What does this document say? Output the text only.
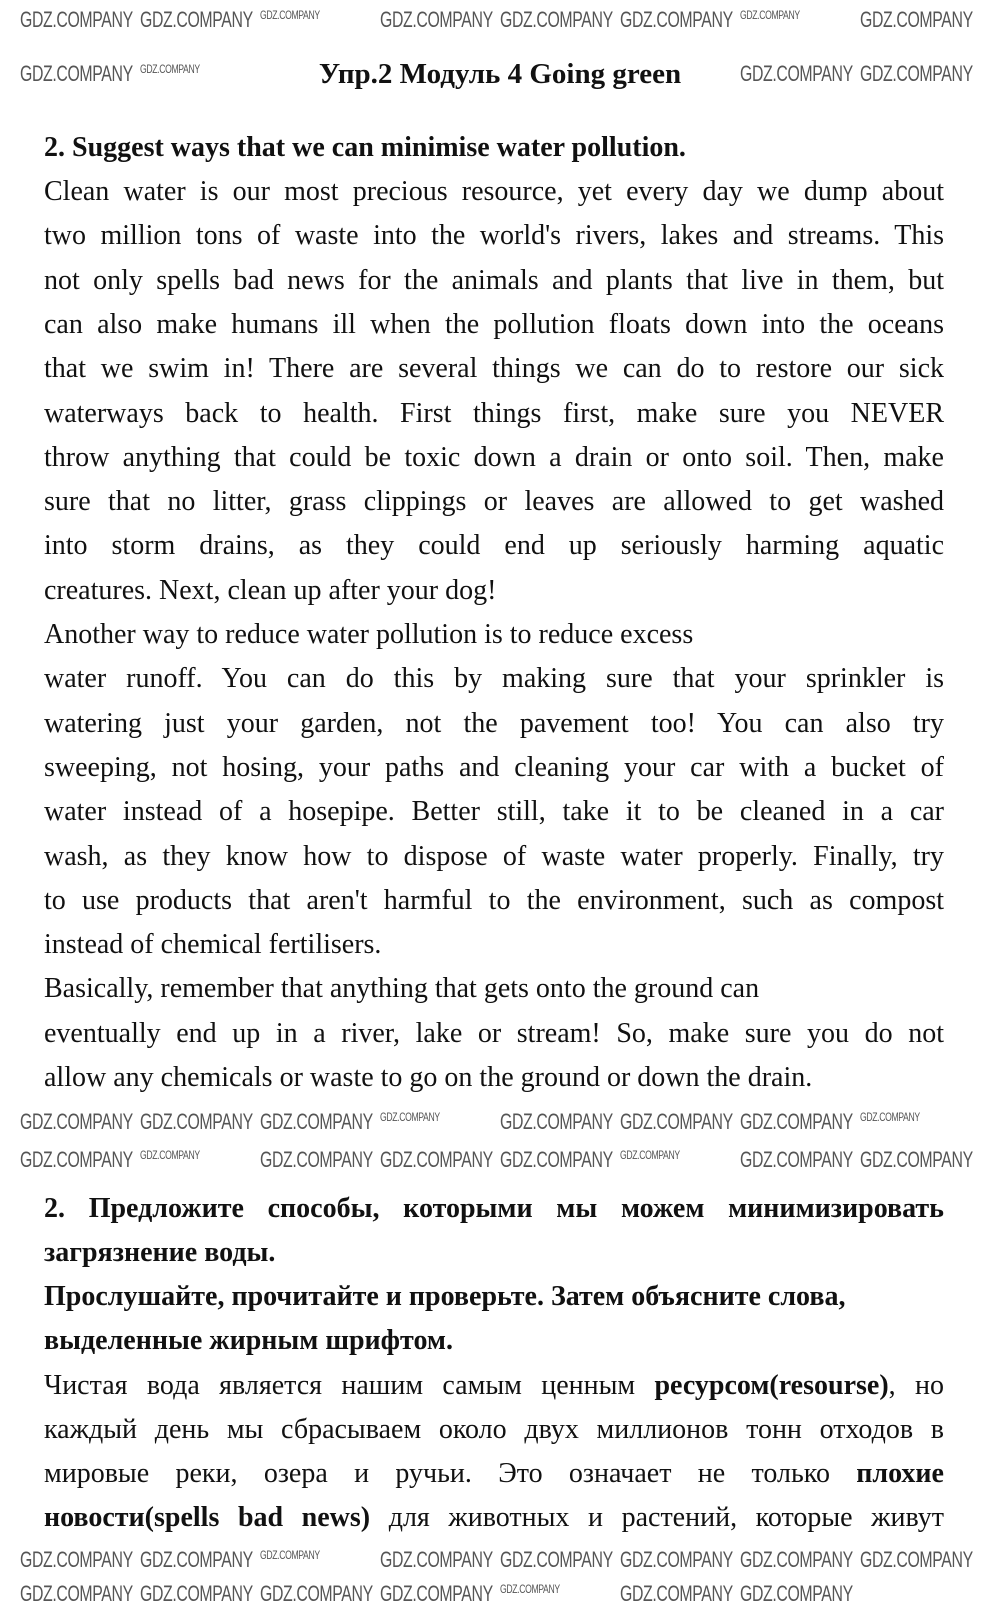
Упр.2 Модуль 4 Going green
2. Suggest ways that we can minimise water pollution.
Clean water is our most precious resource, yet every day we dump about
two million tons of waste into the world's rivers, lakes and streams. This
not only spells bad news for the animals and plants that live in them, but
can also make humans ill when the pollution floats down into the oceans
that we swim in! There are several things we can do to restore our sick
waterways back to health. First things first, make sure you NEVER
throw anything that could be toxic down a drain or onto soil. Then, make
sure that no litter, grass clippings or leaves are allowed to get washed
into storm drains, as they could end up seriously harming aquatic
creatures. Next, clean up after your dog!
Another way to reduce water pollution is to reduce excess
water runoff. You can do this by making sure that your sprinkler is
watering just your garden, not the pavement too! You can also try
sweeping, not hosing, your paths and cleaning your car with a bucket of
water instead of a hosepipe. Better still, take it to be cleaned in a car
wash, as they know how to dispose of waste water properly. Finally, try
to use products that aren't harmful to the environment, such as compost
instead of chemical fertilisers.
Basically, remember that anything that gets onto the ground can
eventually end up in a river, lake or stream! So, make sure you do not
allow any chemicals or waste to go on the ground or down the drain.
2. Предложите способы, которыми мы можем минимизировать
загрязнение воды.
Прослушайте, прочитайте и проверьте. Затем объясните слова,
выделенные жирным шрифтом.
Чистая вода является нашим самым ценным ресурсом(resourse), но
каждый день мы сбрасываем около двух миллионов тонн отходов в
мировые реки, озера и ручьи. Это означает не только плохие
новости(spells bad news) для животных и растений, которые живут
GDZ.COMPANY GDZ.COMPANY GDZ.COMPANY	GDZ.COMPANY GDZ.COMPANY GDZ.COMPANY GDZ.COMPANY	GDZ.COMPANY
GDZ.COMPANY GDZ.COMPANY	GDZ.COMPANY GDZ.COMPANY
GDZ.COMPANY GDZ.COMPANY GDZ.COMPANY GDZ.COMPANY	GDZ.COMPANY GDZ.COMPANY GDZ.COMPANY GDZ.COMPANY
GDZ.COMPANY GDZ.COMPANY	GDZ.COMPANY GDZ.COMPANY GDZ.COMPANY GDZ.COMPANY	GDZ.COMPANY GDZ.COMPANY
GDZ.COMPANY GDZ.COMPANY GDZ.COMPANY	GDZ.COMPANY GDZ.COMPANY GDZ.COMPANY GDZ.COMPANY GDZ.COMPANY
GDZ.COMPANY GDZ.COMPANY GDZ.COMPANY GDZ.COMPANY GDZ.COMPANY	GDZ.COMPANY GDZ.COMPANY
